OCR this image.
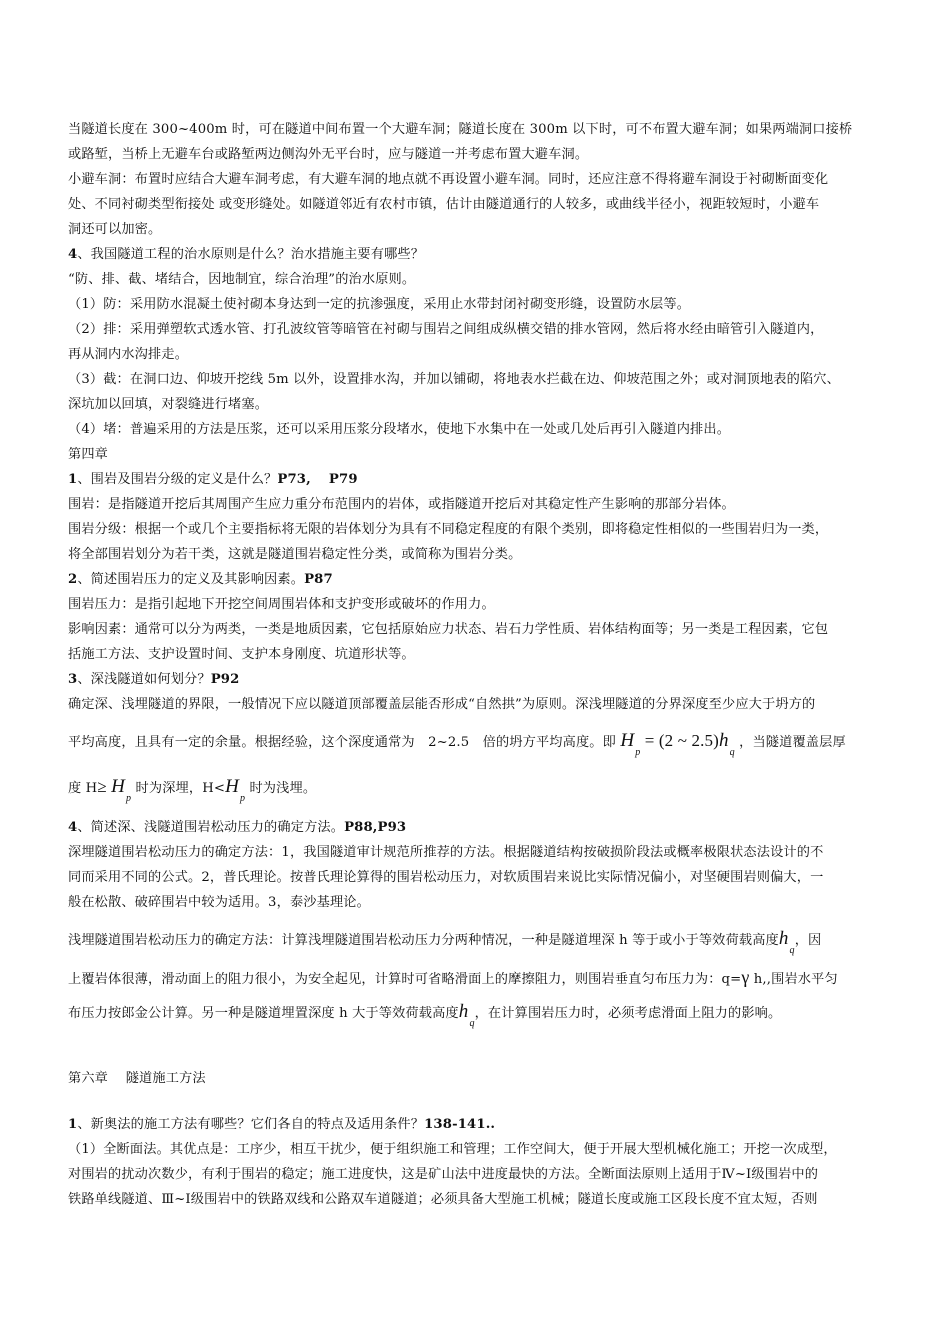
当隧道长度在 300~400m 时，可在隧道中间布置一个大避车洞；隧道长度在 300m 以下时，可不布置大避车洞；如果两端洞口接桥
或路堑，当桥上无避车台或路堑两边侧沟外无平台时，应与隧道一并考虑布置大避车洞。
小避车洞：布置时应结合大避车洞考虑，有大避车洞的地点就不再设置小避车洞。同时，还应注意不得将避车洞设于衬砌断面变化
处、不同衬砌类型衔接处 或变形缝处。如隧道邻近有农村市镇，估计由隧道通行的人较多，或曲线半径小，视距较短时，小避车
洞还可以加密。
4、我国隧道工程的治水原则是什么？治水措施主要有哪些？
“防、排、截、堵结合，因地制宜，综合治理”的治水原则。
（1）防：采用防水混凝土使衬砌本身达到一定的抗渗强度，采用止水带封闭衬砌变形缝，设置防水层等。
（2）排：采用弹塑软式透水管、打孔波纹管等暗管在衬砌与围岩之间组成纵横交错的排水管网，然后将水经由暗管引入隧道内，
再从洞内水沟排走。
（3）截：在洞口边、仰坡开挖线 5m 以外，设置排水沟，并加以铺砌，将地表水拦截在边、仰坡范围之外；或对洞顶地表的陷穴、
深坑加以回填，对裂缝进行堵塞。
（4）堵：普遍采用的方法是压浆，还可以采用压浆分段堵水，使地下水集中在一处或几处后再引入隧道内排出。
第四章
1、围岩及围岩分级的定义是什么？P73,　 P79
围岩：是指隧道开挖后其周围产生应力重分布范围内的岩体，或指隧道开挖后对其稳定性产生影响的那部分岩体。
围岩分级：根据一个或几个主要指标将无限的岩体划分为具有不同稳定程度的有限个类别，即将稳定性相似的一些围岩归为一类，
将全部围岩划分为若干类，这就是隧道围岩稳定性分类，或简称为围岩分类。
2、简述围岩压力的定义及其影响因素。P87
围岩压力：是指引起地下开挖空间周围岩体和支护变形或破坏的作用力。
影响因素：通常可以分为两类，一类是地质因素，它包括原始应力状态、岩石力学性质、岩体结构面等；另一类是工程因素，它包
括施工方法、支护设置时间、支护本身刚度、坑道形状等。
3、深浅隧道如何划分？P92
确定深、浅埋隧道的界限，一般情况下应以隧道顶部覆盖层能否形成“自然拱”为原则。深浅埋隧道的分界深度至少应大于坍方的
平均高度，且具有一定的余量。根据经验，这个深度通常为　2~2.5　倍的坍方平均高度。即 $H_p = (2$ ~ $2.5)h_q$ ，当隧道覆盖层厚
度 $H\ge H_p$ 时为深埋，$H<H_p$ 时为浅埋。
4、简述深、浅隧道围岩松动压力的确定方法。P88,P93
深埋隧道围岩松动压力的确定方法：1，我国隧道审计规范所推荐的方法。根据隧道结构按破损阶段法或概率极限状态法设计的不
同而采用不同的公式。2，普氏理论。按普氏理论算得的围岩松动压力，对软质围岩来说比实际情况偏小，对坚硬围岩则偏大，一
般在松散、破碎围岩中较为适用。3，泰沙基理论。
浅埋隧道围岩松动压力的确定方法：计算浅埋隧道围岩松动压力分两种情况，一种是隧道埋深 h 等于或小于等效荷载高度$h_q$，因
上覆岩体很薄，滑动面上的阻力很小，为安全起见，计算时可省略滑面上的摩擦阻力，则围岩垂直匀布压力为：q=γ h,,围岩水平匀
布压力按郎金公计算。另一种是隧道埋置深度 h 大于等效荷载高度$h_q$，在计算围岩压力时，必须考虑滑面上阻力的影响。
第六章　 隧道施工方法
1、新奥法的施工方法有哪些？它们各自的特点及适用条件？138-141..
（1）全断面法。其优点是：工序少，相互干扰少，便于组织施工和管理；工作空间大，便于开展大型机械化施工；开挖一次成型，
对围岩的扰动次数少，有利于围岩的稳定；施工进度快，这是矿山法中进度最快的方法。全断面法原则上适用于Ⅳ~Ⅰ级围岩中的
铁路单线隧道、Ⅲ~Ⅰ级围岩中的铁路双线和公路双车道隧道；必须具备大型施工机械；隧道长度或施工区段长度不宜太短，否则
